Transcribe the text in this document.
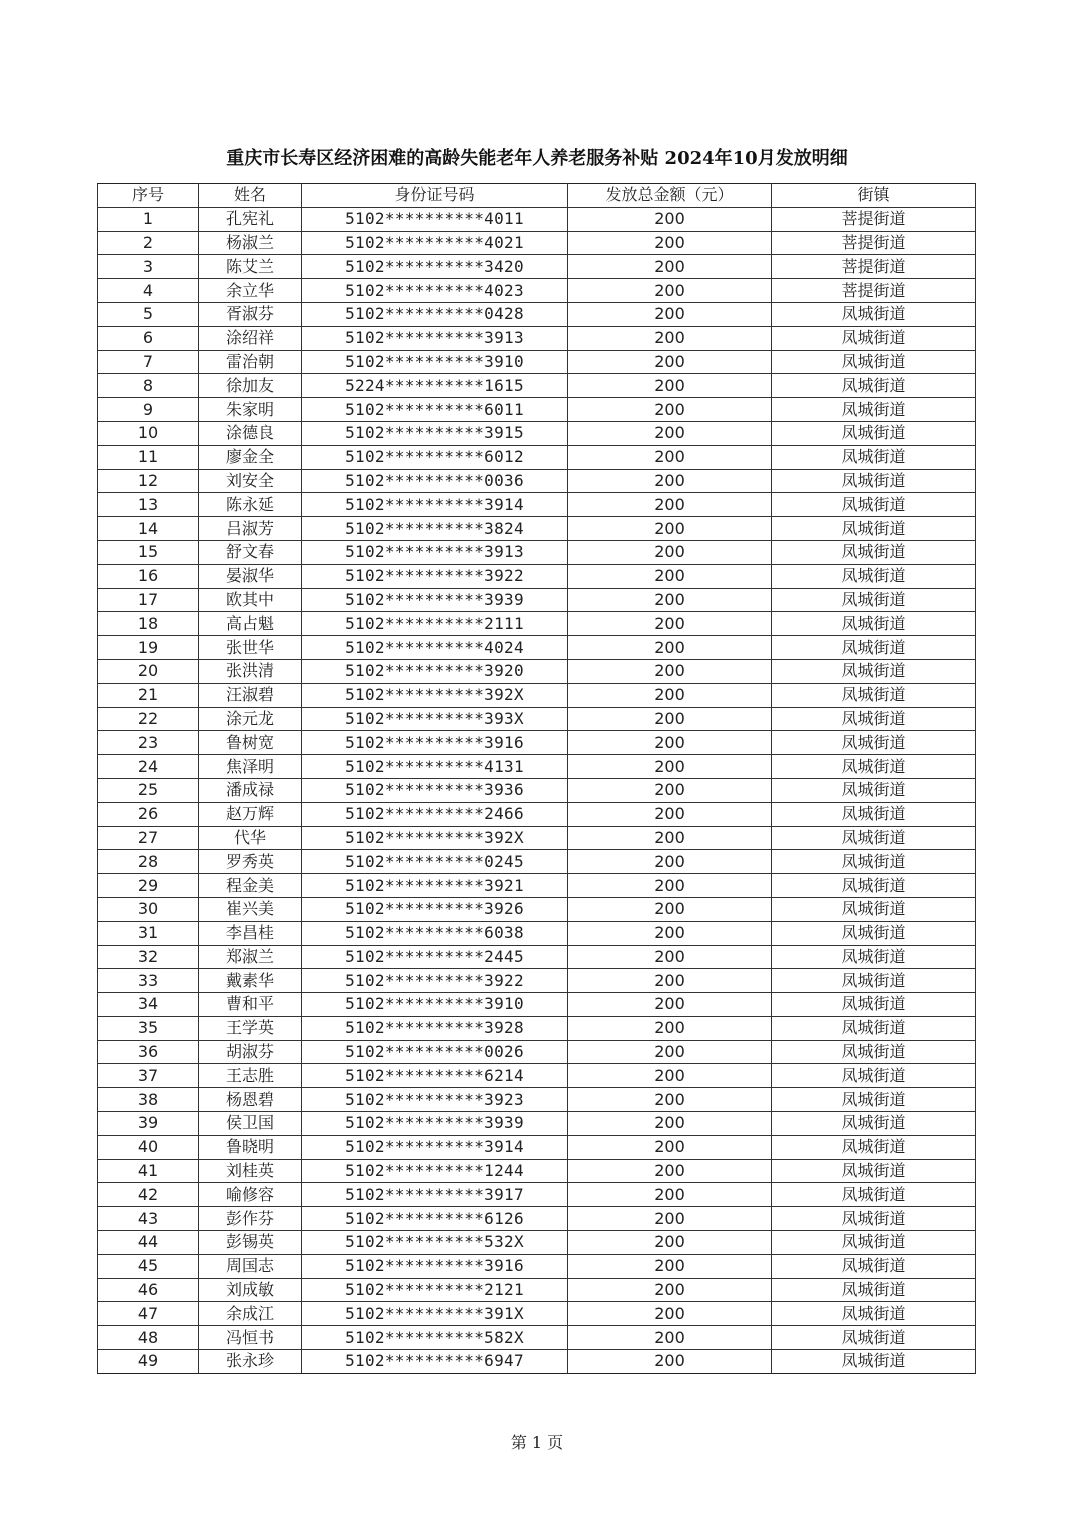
重庆市长寿区经济困难的高龄失能老年人养老服务补贴 2024年10月发放明细
序号	姓名	身份证号码	发放总金额（元）	街镇
1	孔宪礼	5102**********4011	200	菩提街道
2	杨淑兰	5102**********4021	200	菩提街道
3	陈艾兰	5102**********3420	200	菩提街道
4	余立华	5102**********4023	200	菩提街道
5	胥淑芬	5102**********0428	200	凤城街道
6	涂绍祥	5102**********3913	200	凤城街道
7	雷治朝	5102**********3910	200	凤城街道
8	徐加友	5224**********1615	200	凤城街道
9	朱家明	5102**********6011	200	凤城街道
10	涂德良	5102**********3915	200	凤城街道
11	廖金全	5102**********6012	200	凤城街道
12	刘安全	5102**********0036	200	凤城街道
13	陈永延	5102**********3914	200	凤城街道
14	吕淑芳	5102**********3824	200	凤城街道
15	舒文春	5102**********3913	200	凤城街道
16	晏淑华	5102**********3922	200	凤城街道
17	欧其中	5102**********3939	200	凤城街道
18	高占魁	5102**********2111	200	凤城街道
19	张世华	5102**********4024	200	凤城街道
20	张洪清	5102**********3920	200	凤城街道
21	汪淑碧	5102**********392X	200	凤城街道
22	涂元龙	5102**********393X	200	凤城街道
23	鲁树宽	5102**********3916	200	凤城街道
24	焦泽明	5102**********4131	200	凤城街道
25	潘成禄	5102**********3936	200	凤城街道
26	赵万辉	5102**********2466	200	凤城街道
27	代华	5102**********392X	200	凤城街道
28	罗秀英	5102**********0245	200	凤城街道
29	程金美	5102**********3921	200	凤城街道
30	崔兴美	5102**********3926	200	凤城街道
31	李昌桂	5102**********6038	200	凤城街道
32	郑淑兰	5102**********2445	200	凤城街道
33	戴素华	5102**********3922	200	凤城街道
34	曹和平	5102**********3910	200	凤城街道
35	王学英	5102**********3928	200	凤城街道
36	胡淑芬	5102**********0026	200	凤城街道
37	王志胜	5102**********6214	200	凤城街道
38	杨恩碧	5102**********3923	200	凤城街道
39	侯卫国	5102**********3939	200	凤城街道
40	鲁晓明	5102**********3914	200	凤城街道
41	刘桂英	5102**********1244	200	凤城街道
42	喻修容	5102**********3917	200	凤城街道
43	彭作芬	5102**********6126	200	凤城街道
44	彭锡英	5102**********532X	200	凤城街道
45	周国志	5102**********3916	200	凤城街道
46	刘成敏	5102**********2121	200	凤城街道
47	余成江	5102**********391X	200	凤城街道
48	冯恒书	5102**********582X	200	凤城街道
49	张永珍	5102**********6947	200	凤城街道
第 1 页
